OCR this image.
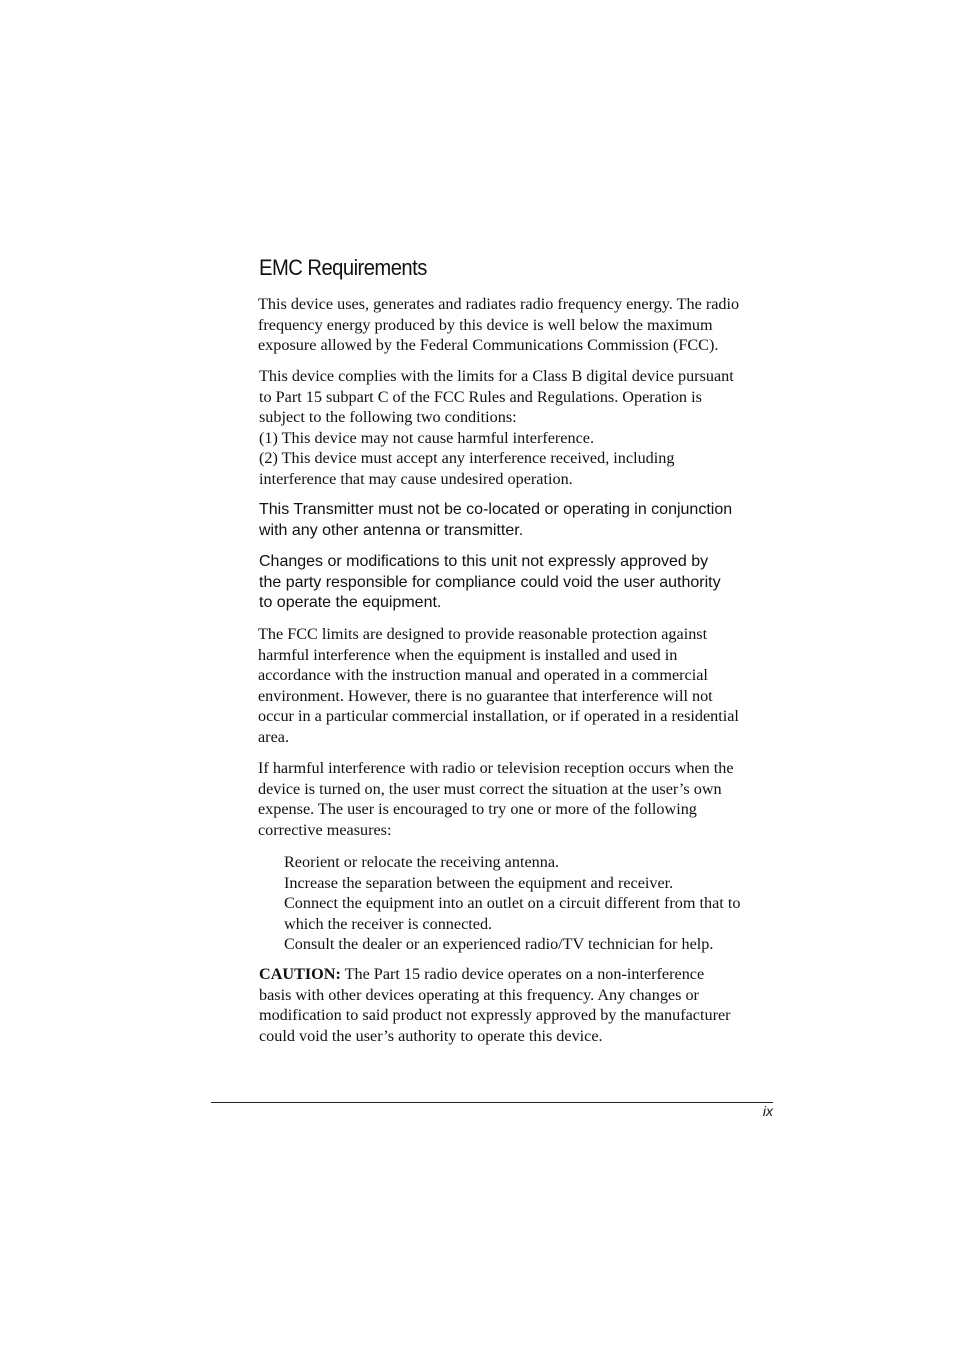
EMC Requirements

This device uses, generates and radiates radio frequency energy. The radio
frequency energy produced by this device is well below the maximum
exposure allowed by the Federal Communications Commission (FCC).

This device complies with the limits for a Class B digital device pursuant
to Part 15 subpart C of the FCC Rules and Regulations. Operation is
subject to the following two conditions:
(1) This device may not cause harmful interference.
(2) This device must accept any interference received, including
interference that may cause undesired operation.

This Transmitter must not be co-located or operating in conjunction
with any other antenna or transmitter.

Changes or modifications to this unit not expressly approved by
the party responsible for compliance could void the user authority
to operate the equipment.

The FCC limits are designed to provide reasonable protection against
harmful interference when the equipment is installed and used in
accordance with the instruction manual and operated in a commercial
environment. However, there is no guarantee that interference will not
occur in a particular commercial installation, or if operated in a residential
area.

If harmful interference with radio or television reception occurs when the
device is turned on, the user must correct the situation at the user’s own
expense. The user is encouraged to try one or more of the following
corrective measures:

Reorient or relocate the receiving antenna.
Increase the separation between the equipment and receiver.
Connect the equipment into an outlet on a circuit different from that to
which the receiver is connected.
Consult the dealer or an experienced radio/TV technician for help.

CAUTION: The Part 15 radio device operates on a non-interference
basis with other devices operating at this frequency. Any changes or
modification to said product not expressly approved by the manufacturer
could void the user’s authority to operate this device.

ix
